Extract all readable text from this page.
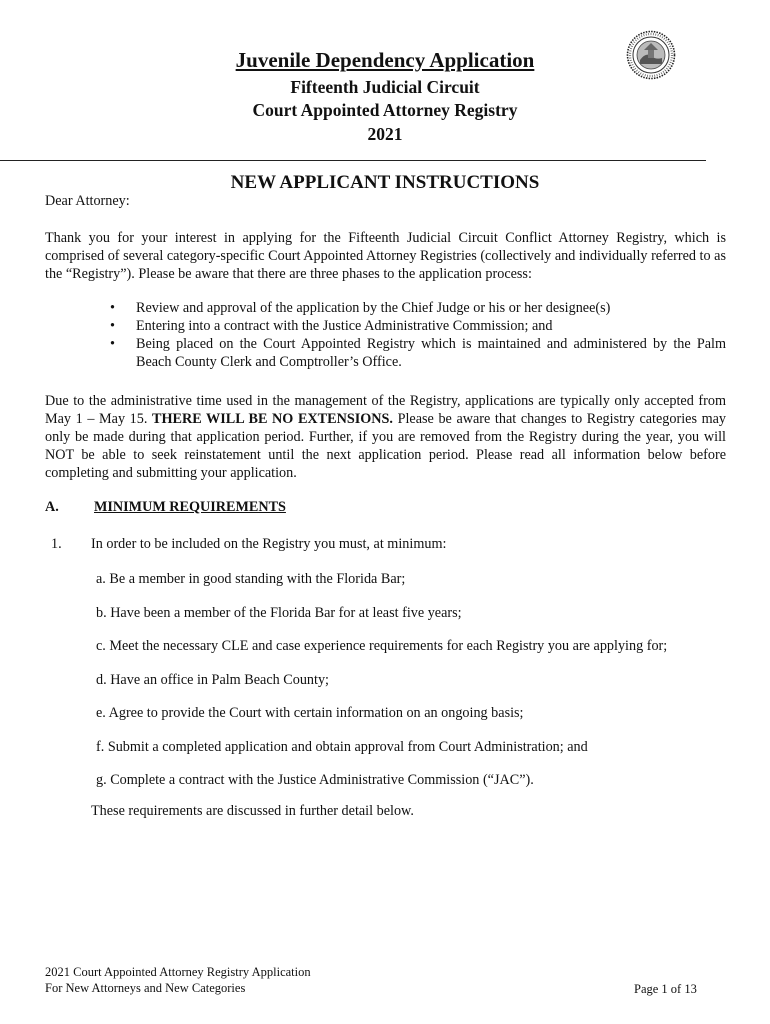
Juvenile Dependency Application
Fifteenth Judicial Circuit
Court Appointed Attorney Registry
2021
NEW APPLICANT INSTRUCTIONS
Dear Attorney:
Thank you for your interest in applying for the Fifteenth Judicial Circuit Conflict Attorney Registry, which is comprised of several category-specific Court Appointed Attorney Registries (collectively and individually referred to as the “Registry”). Please be aware that there are three phases to the application process:
• Review and approval of the application by the Chief Judge or his or her designee(s)
• Entering into a contract with the Justice Administrative Commission; and
• Being placed on the Court Appointed Registry which is maintained and administered by the Palm Beach County Clerk and Comptroller’s Office.
Due to the administrative time used in the management of the Registry, applications are typically only accepted from May 1 – May 15. THERE WILL BE NO EXTENSIONS. Please be aware that changes to Registry categories may only be made during that application period. Further, if you are removed from the Registry during the year, you will NOT be able to seek reinstatement until the next application period. Please read all information below before completing and submitting your application.
A. MINIMUM REQUIREMENTS
1. In order to be included on the Registry you must, at minimum:
a. Be a member in good standing with the Florida Bar;
b. Have been a member of the Florida Bar for at least five years;
c. Meet the necessary CLE and case experience requirements for each Registry you are applying for;
d. Have an office in Palm Beach County;
e. Agree to provide the Court with certain information on an ongoing basis;
f. Submit a completed application and obtain approval from Court Administration; and
g. Complete a contract with the Justice Administrative Commission (“JAC”).
These requirements are discussed in further detail below.
2021 Court Appointed Attorney Registry Application
For New Attorneys and New Categories	Page 1 of 13
